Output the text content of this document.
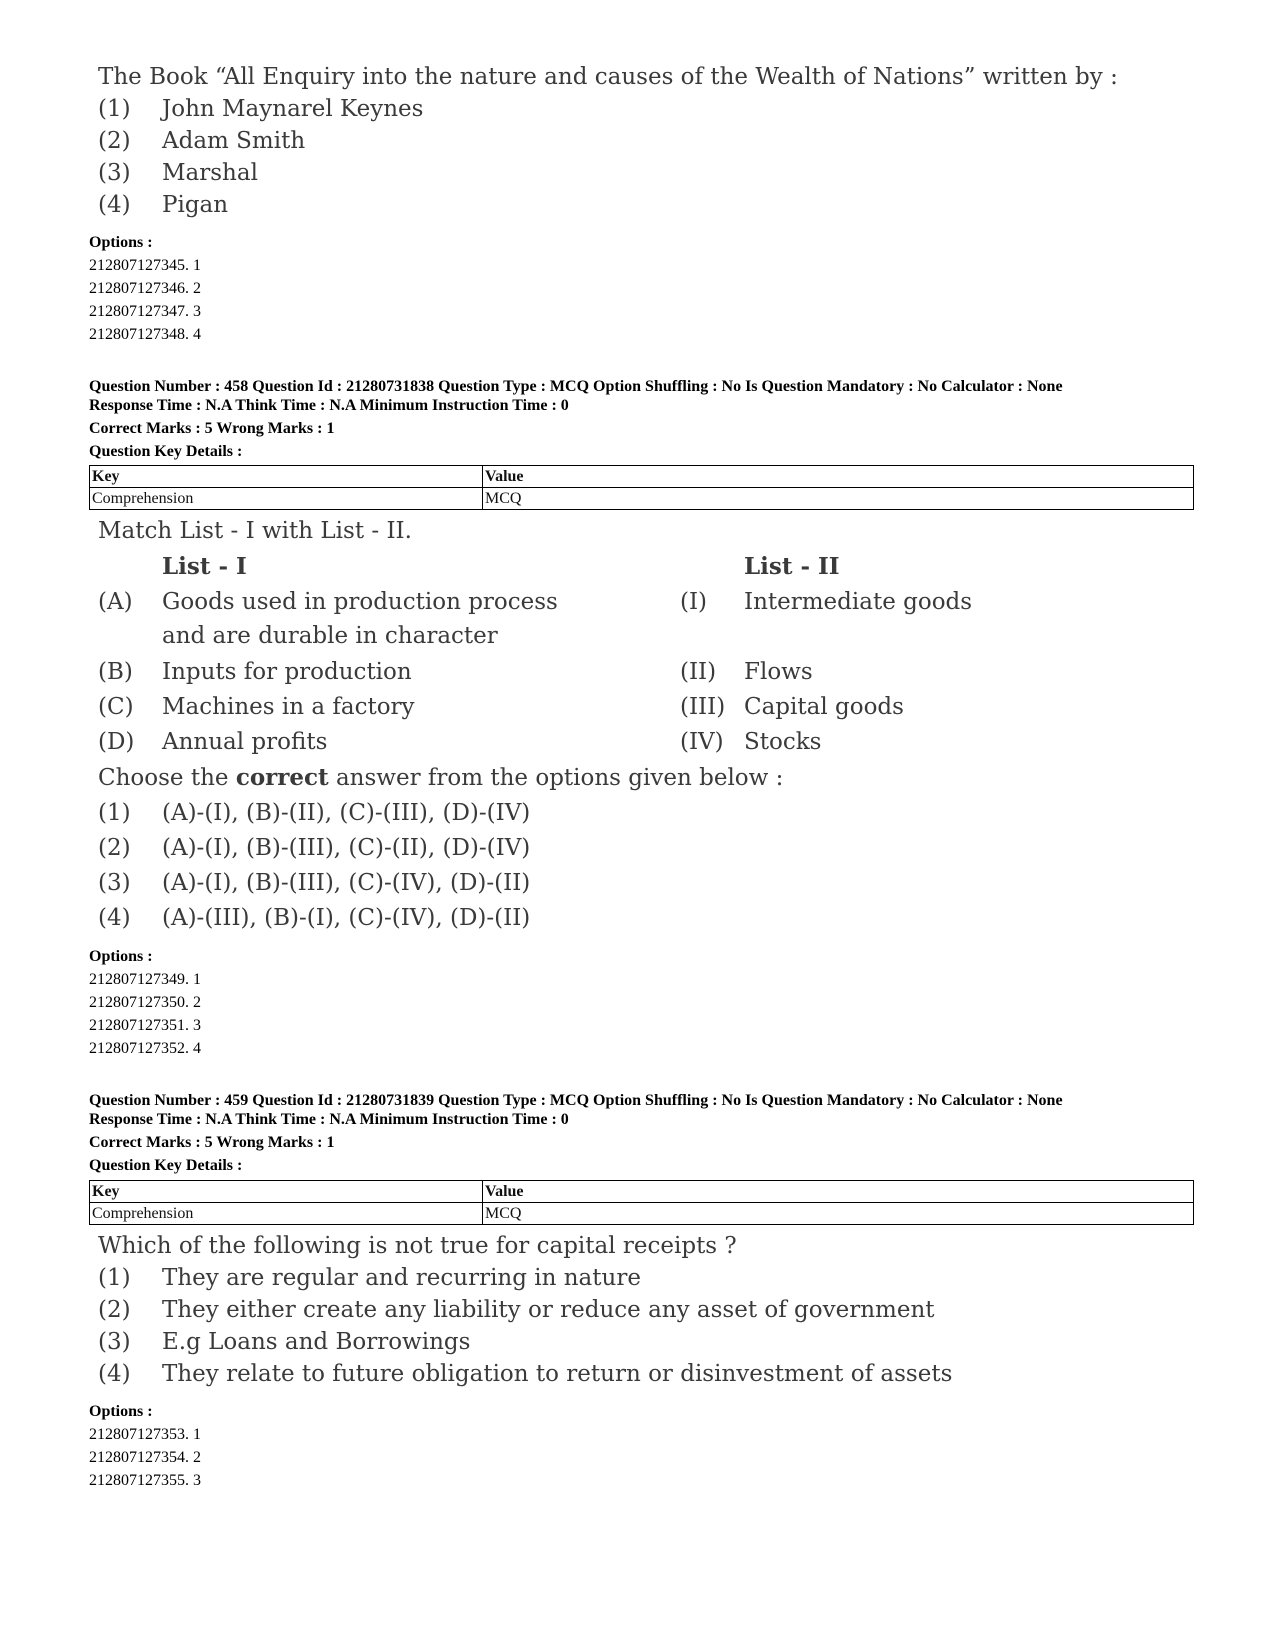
The Book “All Enquiry into the nature and causes of the Wealth of Nations” written by :
(1) John Maynarel Keynes
(2) Adam Smith
(3) Marshal
(4) Pigan
Options :
212807127345. 1
212807127346. 2
212807127347. 3
212807127348. 4
Question Number : 458 Question Id : 21280731838 Question Type : MCQ Option Shuffling : No Is Question Mandatory : No Calculator : None
Response Time : N.A Think Time : N.A Minimum Instruction Time : 0
Correct Marks : 5 Wrong Marks : 1
Question Key Details :
Key	Value
Comprehension	MCQ
Match List - I with List - II.
List - I	List - II
(A) Goods used in production process	(I) Intermediate goods
and are durable in character
(B) Inputs for production	(II) Flows
(C) Machines in a factory	(III) Capital goods
(D) Annual profits	(IV) Stocks
Choose the correct answer from the options given below :
(1) (A)-(I), (B)-(II), (C)-(III), (D)-(IV)
(2) (A)-(I), (B)-(III), (C)-(II), (D)-(IV)
(3) (A)-(I), (B)-(III), (C)-(IV), (D)-(II)
(4) (A)-(III), (B)-(I), (C)-(IV), (D)-(II)
Options :
212807127349. 1
212807127350. 2
212807127351. 3
212807127352. 4
Question Number : 459 Question Id : 21280731839 Question Type : MCQ Option Shuffling : No Is Question Mandatory : No Calculator : None
Response Time : N.A Think Time : N.A Minimum Instruction Time : 0
Correct Marks : 5 Wrong Marks : 1
Question Key Details :
Key	Value
Comprehension	MCQ
Which of the following is not true for capital receipts ?
(1) They are regular and recurring in nature
(2) They either create any liability or reduce any asset of government
(3) E.g Loans and Borrowings
(4) They relate to future obligation to return or disinvestment of assets
Options :
212807127353. 1
212807127354. 2
212807127355. 3
